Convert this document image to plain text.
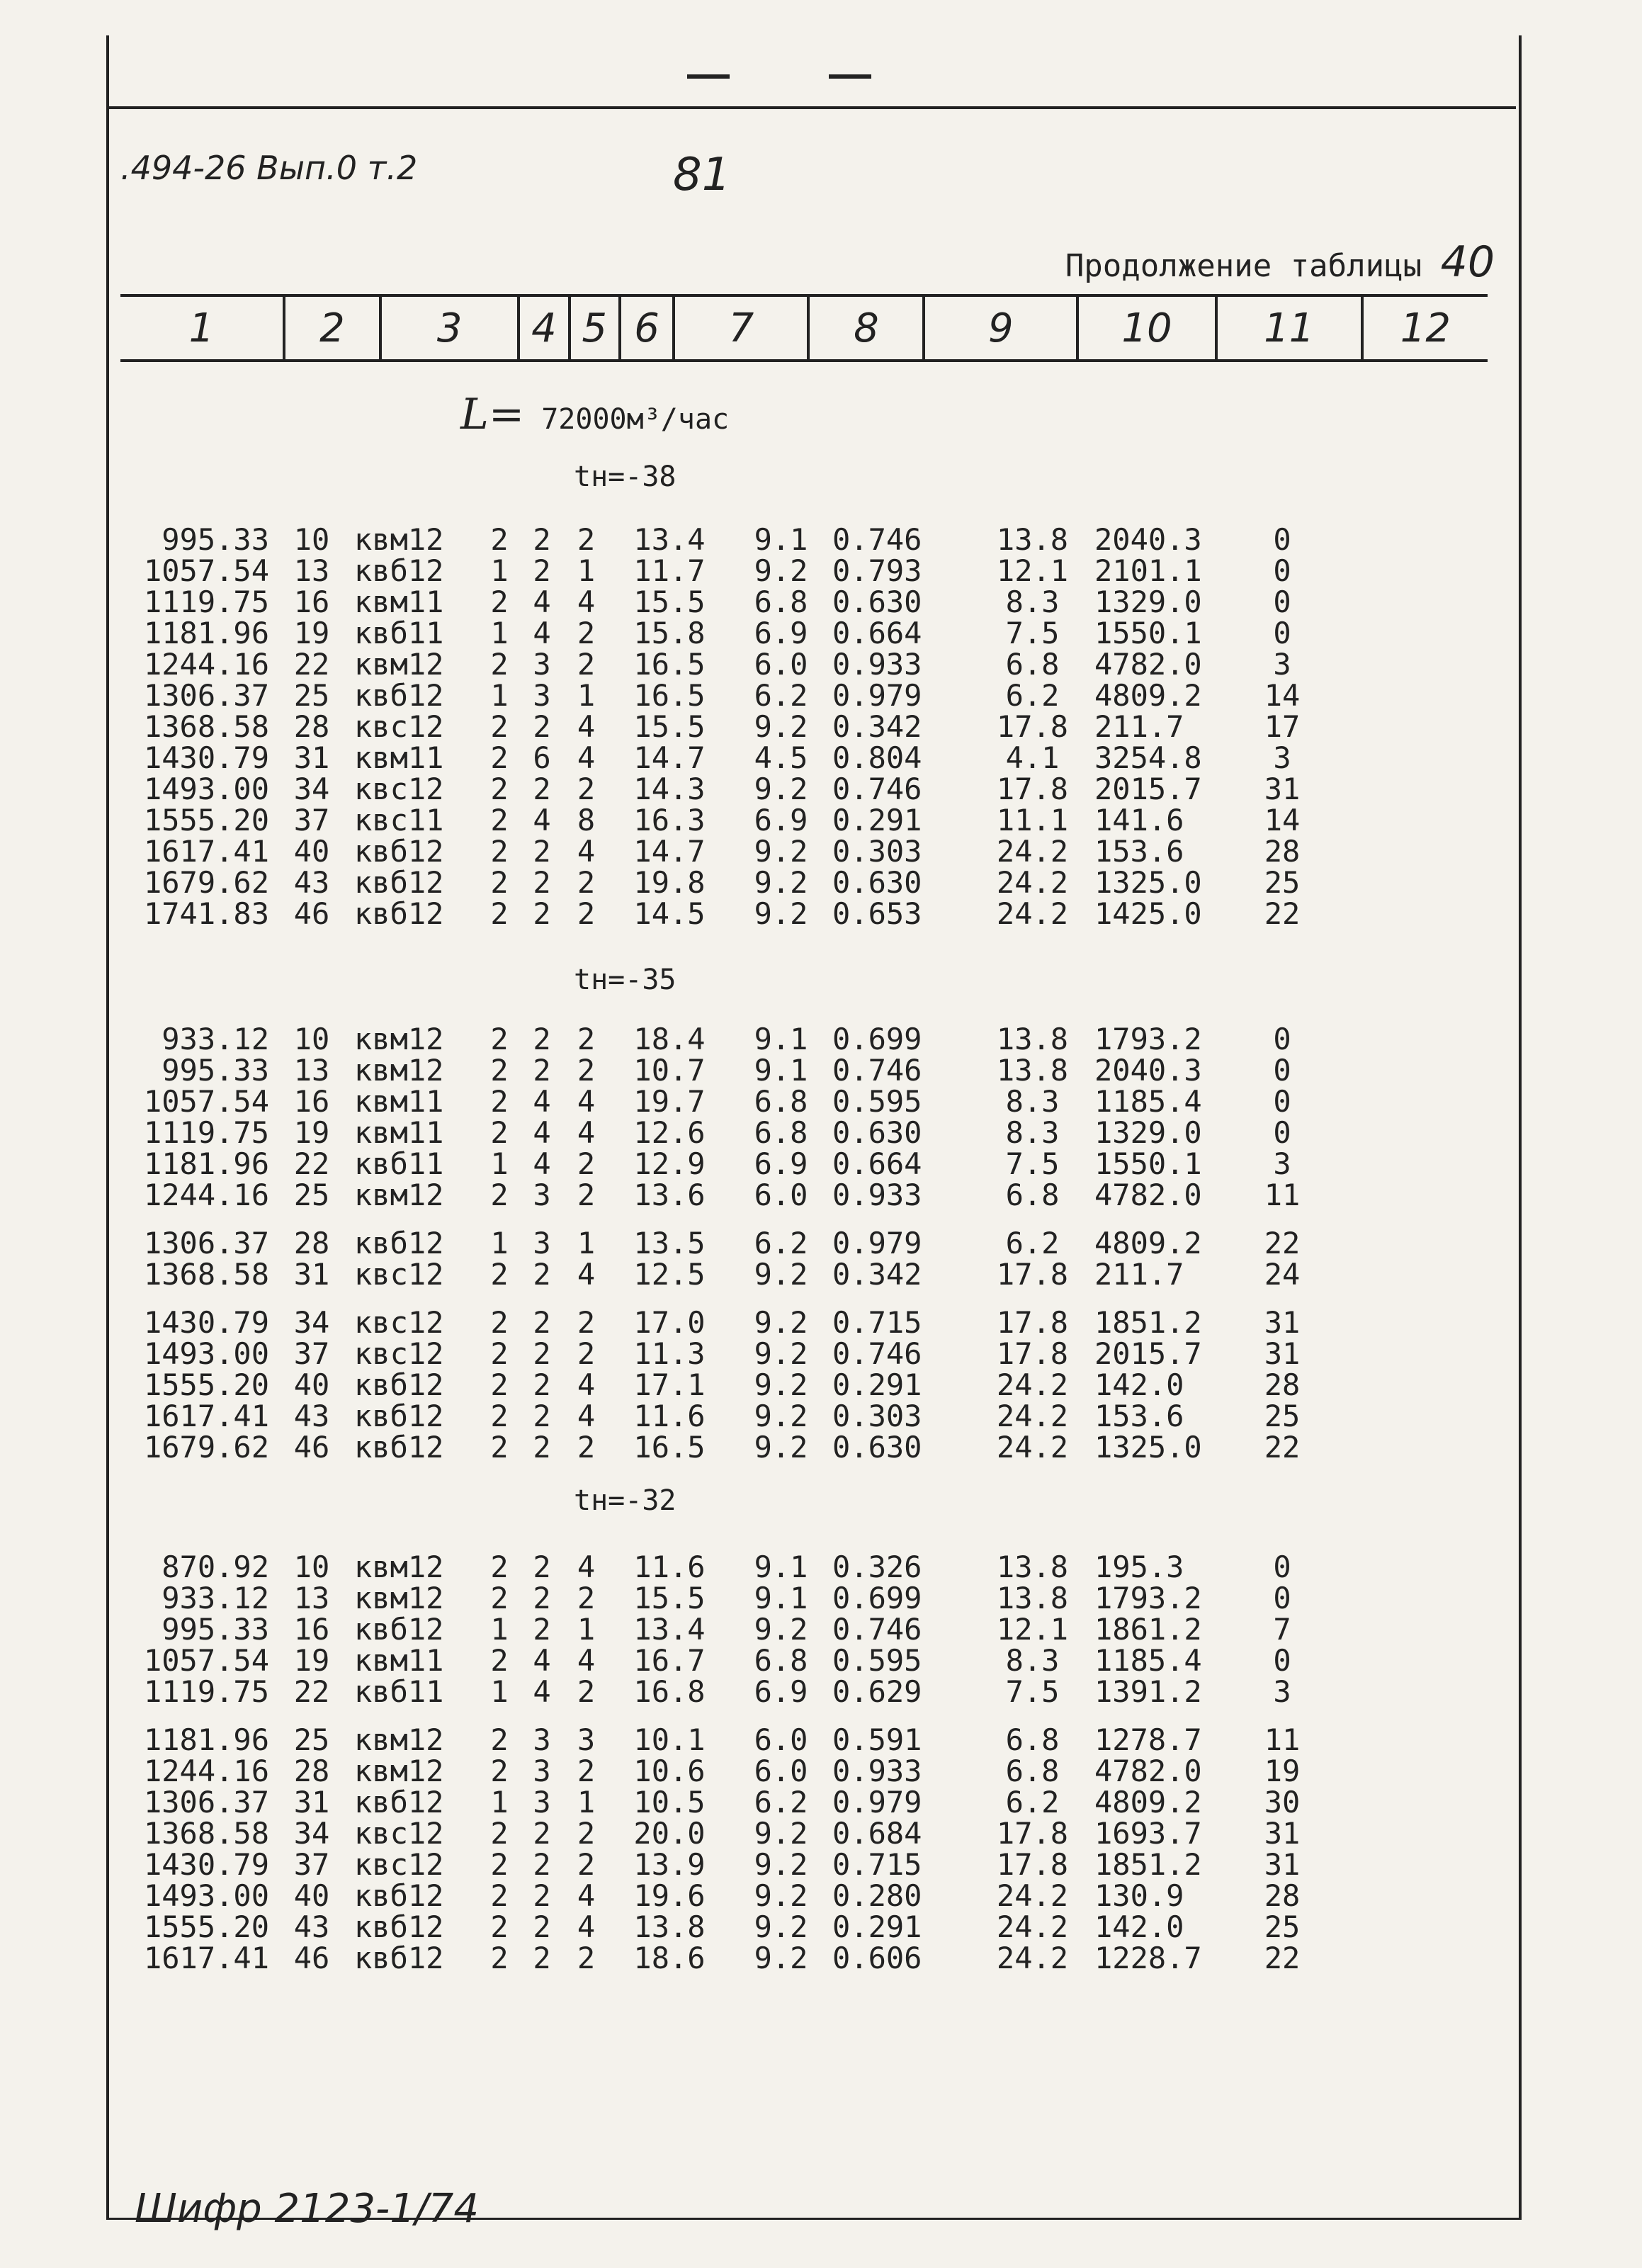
.494-26 Вып.0 т.2	81
Продолжение таблицы 40
1	2	3	4	5	6	7	8	9	10	11	12
L= 72000м³/час
tн=-38
995.33 10 квм12	2 2 2	13.4	9.1 0.746	13.8 2040.3	0
1057.54 13 квб12	1 2 1	11.7	9.2 0.793	12.1 2101.1	0
1119.75 16 квм11	2 4 4	15.5	6.8 0.630	8.3	1329.0	0
1181.96 19 квб11	1 4 2	15.8	6.9 0.664	7.5	1550.1	0
1244.16 22 квм12	2 3 2	16.5	6.0 0.933	6.8	4782.0	3
1306.37 25 квб12	1 3 1	16.5	6.2 0.979	6.2	4809.2	14
1368.58 28 квс12	2 2 4	15.5	9.2 0.342	17.8 211.7	17
1430.79 31 квм11	2 6 4	14.7	4.5 0.804	4.1	3254.8	3
1493.00 34 квс12	2 2 2	14.3	9.2 0.746	17.8 2015.7	31
1555.20 37 квс11	2 4 8	16.3	6.9 0.291	11.1 141.6	14
1617.41 40 квб12	2 2 4	14.7	9.2 0.303	24.2 153.6	28
1679.62 43 квб12	2 2 2	19.8	9.2 0.630	24.2 1325.0	25
1741.83 46 квб12	2 2 2	14.5	9.2 0.653	24.2 1425.0	22
tн=-35
933.12 10 квм12	2 2 2	18.4	9.1 0.699	13.8 1793.2	0
995.33 13 квм12	2 2 2	10.7	9.1 0.746	13.8 2040.3	0
1057.54 16 квм11	2 4 4	19.7	6.8 0.595	8.3	1185.4	0
1119.75 19 квм11	2 4 4	12.6	6.8 0.630	8.3	1329.0	0
1181.96 22 квб11	1 4 2	12.9	6.9 0.664	7.5	1550.1	3
1244.16 25 квм12	2 3 2	13.6	6.0 0.933	6.8	4782.0	11
1306.37 28 квб12	1 3 1	13.5	6.2 0.979	6.2	4809.2	22
1368.58 31 квс12	2 2 4	12.5	9.2 0.342	17.8 211.7	24
1430.79 34 квс12	2 2 2	17.0	9.2 0.715	17.8 1851.2	31
1493.00 37 квс12	2 2 2	11.3	9.2 0.746	17.8 2015.7	31
1555.20 40 квб12	2 2 4	17.1	9.2 0.291	24.2 142.0	28
1617.41 43 квб12	2 2 4	11.6	9.2 0.303	24.2 153.6	25
1679.62 46 квб12	2 2 2	16.5	9.2 0.630	24.2 1325.0	22
tн=-32
870.92 10 квм12	2 2 4	11.6	9.1 0.326	13.8 195.3	0
933.12 13 квм12	2 2 2	15.5	9.1 0.699	13.8 1793.2	0
995.33 16 квб12	1 2 1	13.4	9.2 0.746	12.1 1861.2	7
1057.54 19 квм11	2 4 4	16.7	6.8 0.595	8.3	1185.4	0
1119.75 22 квб11	1 4 2	16.8	6.9 0.629	7.5	1391.2	3
1181.96 25 квм12	2 3 3	10.1	6.0 0.591	6.8	1278.7	11
1244.16 28 квм12	2 3 2	10.6	6.0 0.933	6.8	4782.0	19
1306.37 31 квб12	1 3 1	10.5	6.2 0.979	6.2	4809.2	30
1368.58 34 квс12	2 2 2	20.0	9.2 0.684	17.8 1693.7	31
1430.79 37 квс12	2 2 2	13.9	9.2 0.715	17.8 1851.2	31
1493.00 40 квб12	2 2 4	19.6	9.2 0.280	24.2 130.9	28
1555.20 43 квб12	2 2 4	13.8	9.2 0.291	24.2 142.0	25
1617.41 46 квб12	2 2 2	18.6	9.2 0.606	24.2 1228.7	22
Шифр 2123-1/74
